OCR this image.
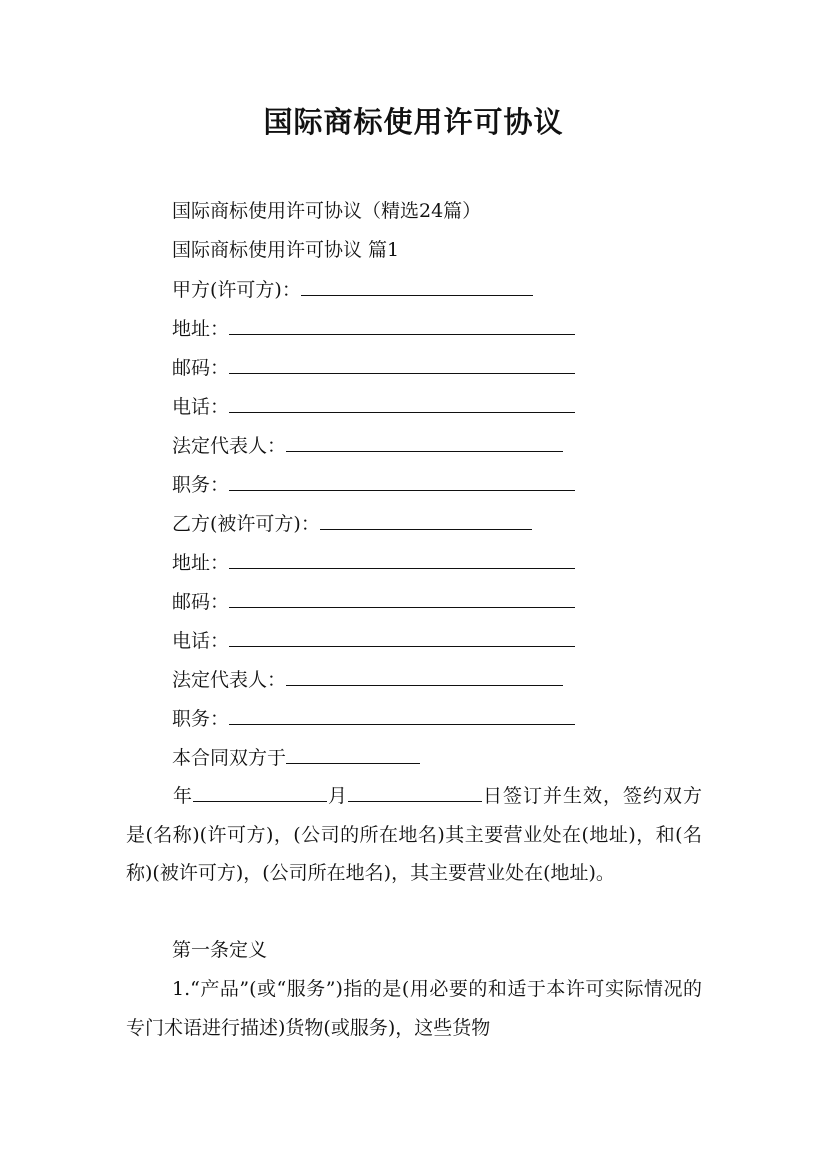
国际商标使用许可协议
国际商标使用许可协议（精选24篇）
国际商标使用许可协议 篇1
甲方(许可方)：
地址：
邮码：
电话：
法定代表人：
职务：
乙方(被许可方)：
地址：
邮码：
电话：
法定代表人：
职务：
本合同双方于
年	月	日签订并生效，签约双方是(名称)(许可方)，(公司的所在地名)其主要营业处在(地址)，和(名称)(被许可方)，(公司所在地名)，其主要营业处在(地址)。
第一条定义
1.“产品”(或“服务”)指的是(用必要的和适于本许可实际情况的专门术语进行描述)货物(或服务)，这些货物
